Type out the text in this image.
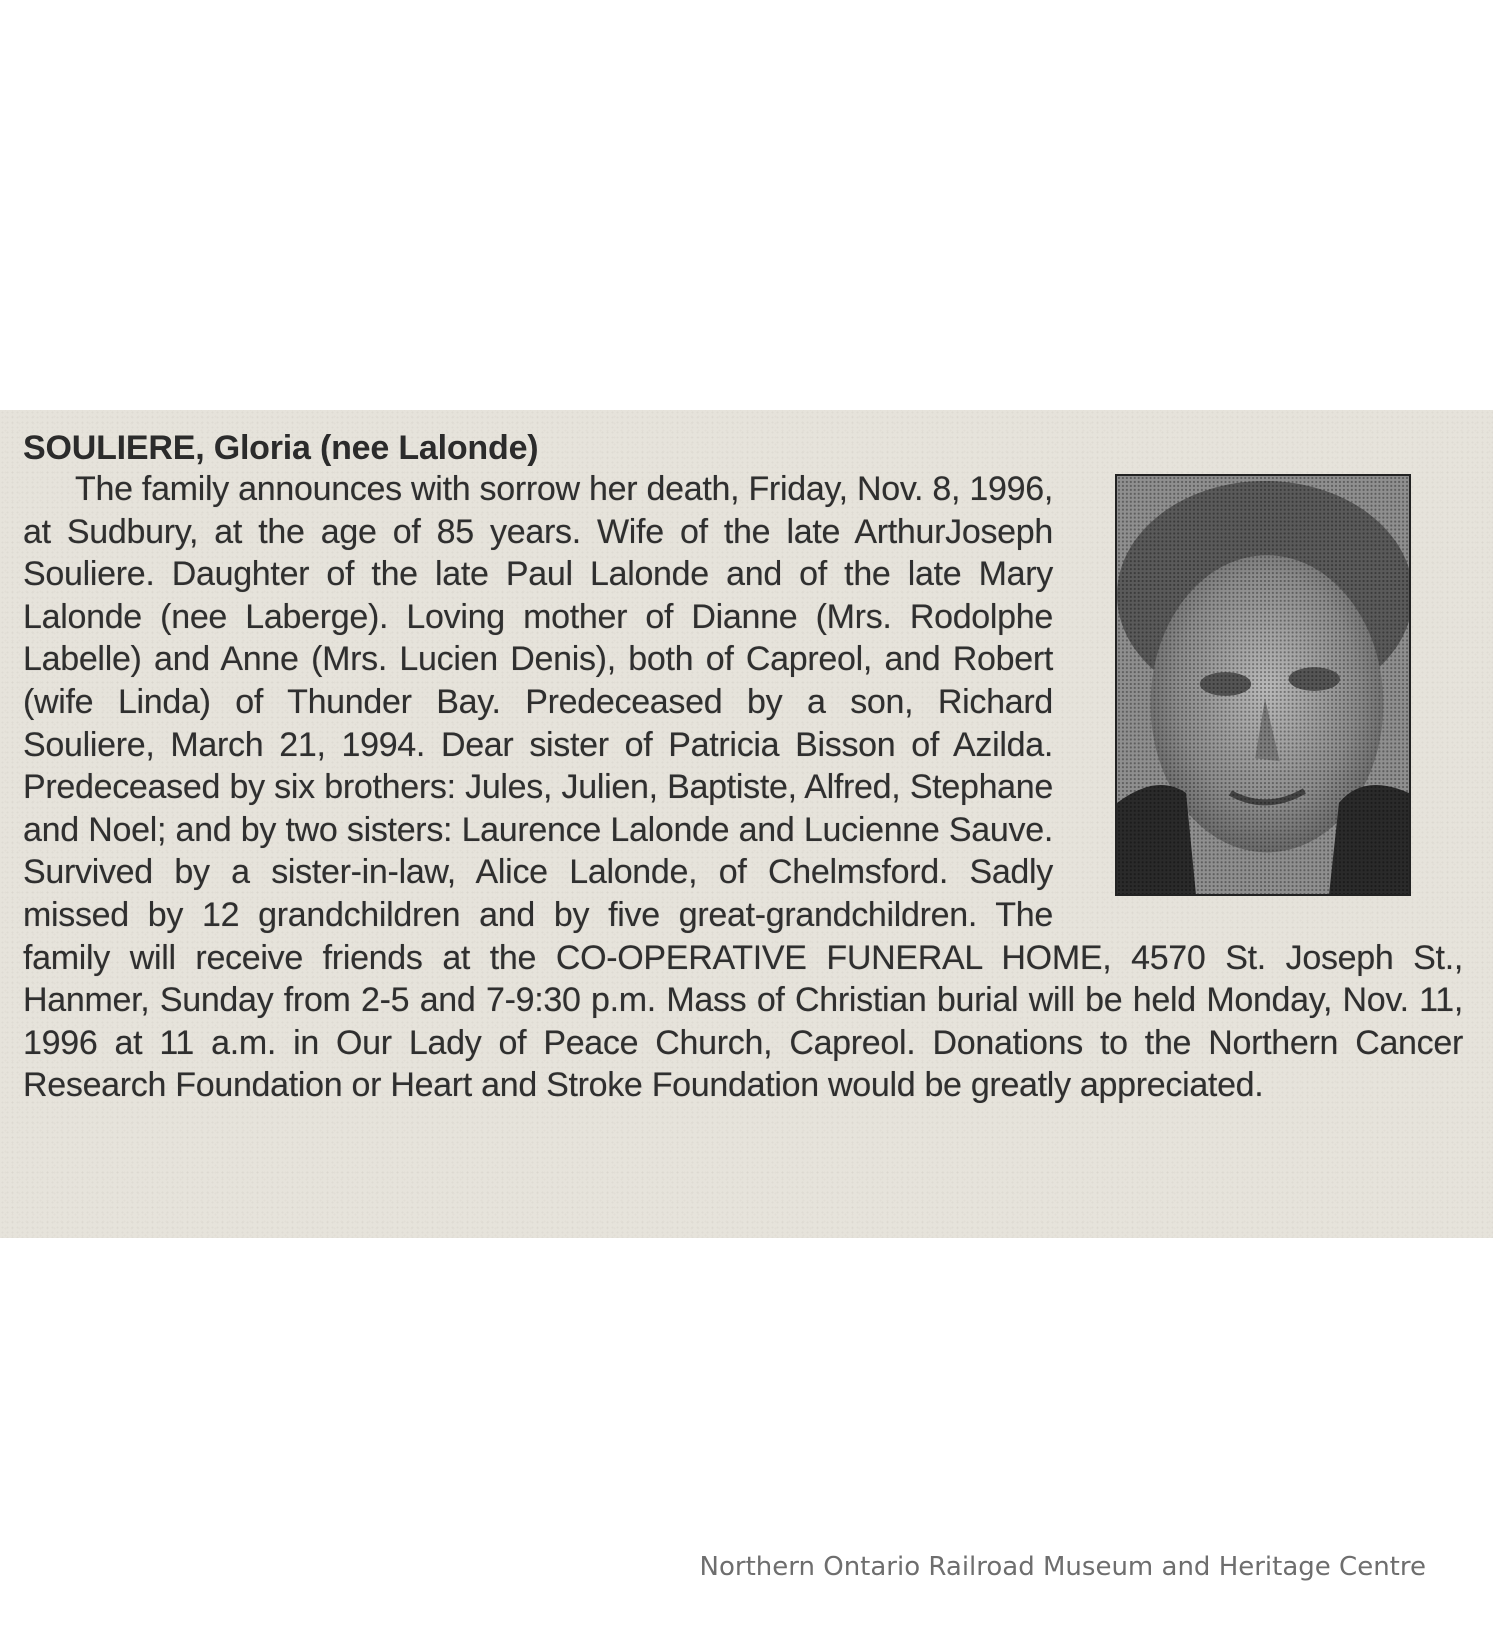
SOULIERE, Gloria (nee Lalonde)

The family announces with sorrow her death, Friday, Nov. 8, 1996, at Sudbury, at the age of 85 years. Wife of the late ArthurJoseph Souliere. Daughter of the late Paul Lalonde and of the late Mary Lalonde (nee Laberge). Loving mother of Dianne (Mrs. Rodolphe Labelle) and Anne (Mrs. Lucien Denis), both of Capreol, and Robert (wife Linda) of Thunder Bay. Predeceased by a son, Richard Souliere, March 21, 1994. Dear sister of Patricia Bisson of Azilda. Predeceased by six brothers: Jules, Julien, Baptiste, Alfred, Stephane and Noel; and by two sisters: Laurence Lalonde and Lucienne Sauve. Survived by a sister-in-law, Alice Lalonde, of Chelmsford. Sadly missed by 12 grandchildren and by five great-grandchildren. The family will receive friends at the CO-OPERATIVE FUNERAL HOME, 4570 St. Joseph St., Hanmer, Sunday from 2-5 and 7-9:30 p.m. Mass of Christian burial will be held Monday, Nov. 11, 1996 at 11 a.m. in Our Lady of Peace Church, Capreol. Donations to the Northern Cancer Research Foundation or Heart and Stroke Foundation would be greatly appreciated.

Northern Ontario Railroad Museum and Heritage Centre
